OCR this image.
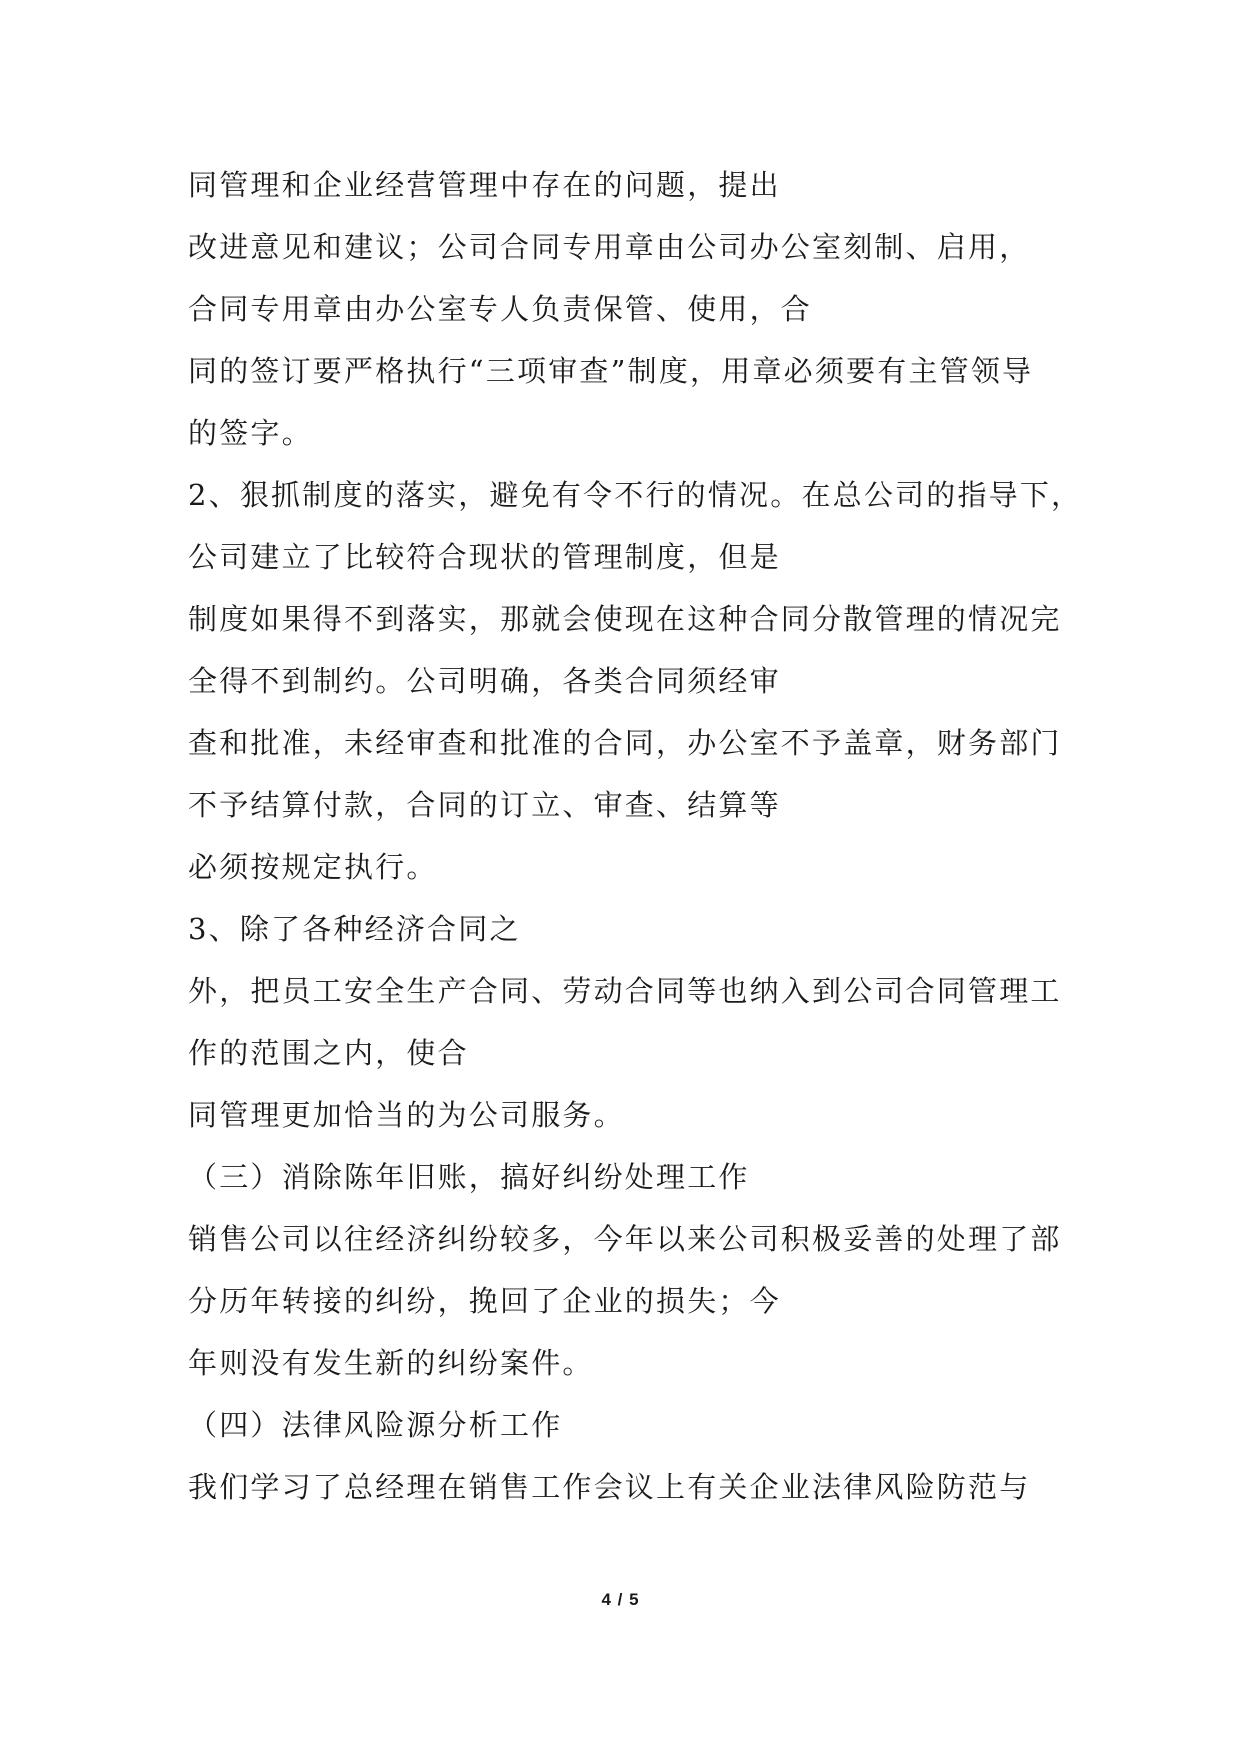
同管理和企业经营管理中存在的问题，提出
改进意见和建议；公司合同专用章由公司办公室刻制、启用，
合同专用章由办公室专人负责保管、使用，合
同的签订要严格执行“三项审查”制度，用章必须要有主管领导
的签字。
2、狠抓制度的落实，避免有令不行的情况。在总公司的指导下，
公司建立了比较符合现状的管理制度，但是
制度如果得不到落实，那就会使现在这种合同分散管理的情况完
全得不到制约。公司明确，各类合同须经审
查和批准，未经审查和批准的合同，办公室不予盖章，财务部门
不予结算付款，合同的订立、审查、结算等
必须按规定执行。
3、除了各种经济合同之
外，把员工安全生产合同、劳动合同等也纳入到公司合同管理工
作的范围之内，使合
同管理更加恰当的为公司服务。
（三）消除陈年旧账，搞好纠纷处理工作
销售公司以往经济纠纷较多，今年以来公司积极妥善的处理了部
分历年转接的纠纷，挽回了企业的损失；今
年则没有发生新的纠纷案件。
（四）法律风险源分析工作
我们学习了总经理在销售工作会议上有关企业法律风险防范与
4 / 5
